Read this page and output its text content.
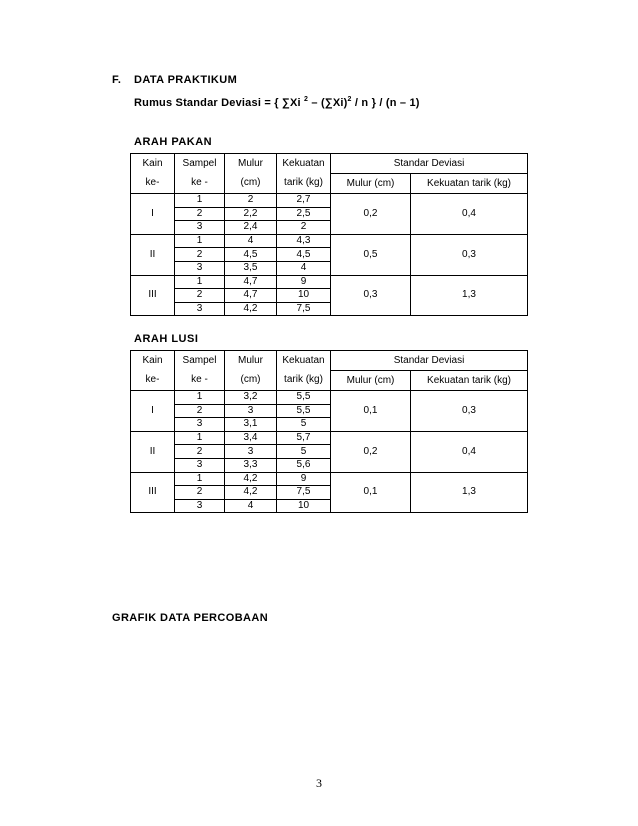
F. DATA PRAKTIKUM
Rumus Standar Deviasi = { ∑Xi $^2 - (\sum Xi)^2$ / n } / (n – 1)
ARAH PAKAN
Kain	Sampel	Mulur	Kekuatan	Standar Deviasi	
ke-	ke -	(cm)	tarik (kg)	Mulur (cm)	Kekuatan tarik (kg)
I	1	2	2,7	0,2	0,4
	2	2,2	2,5		
	3	2,4	2		
II	1	4	4,3	0,5	0,3
	2	4,5	4,5		
	3	3,5	4		
III	1	4,7	9	0,3	1,3
	2	4,7	10		
	3	4,2	7,5		
ARAH LUSI
Kain	Sampel	Mulur	Kekuatan	Standar Deviasi	
ke-	ke -	(cm)	tarik (kg)	Mulur (cm)	Kekuatan tarik (kg)
I	1	3,2	5,5	0,1	0,3
	2	3	5,5		
	3	3,1	5		
II	1	3,4	5,7	0,2	0,4
	2	3	5		
	3	3,3	5,6		
III	1	4,2	9	0,1	1,3
	2	4,2	7,5		
	3	4	10		
GRAFIK DATA PERCOBAAN
3
